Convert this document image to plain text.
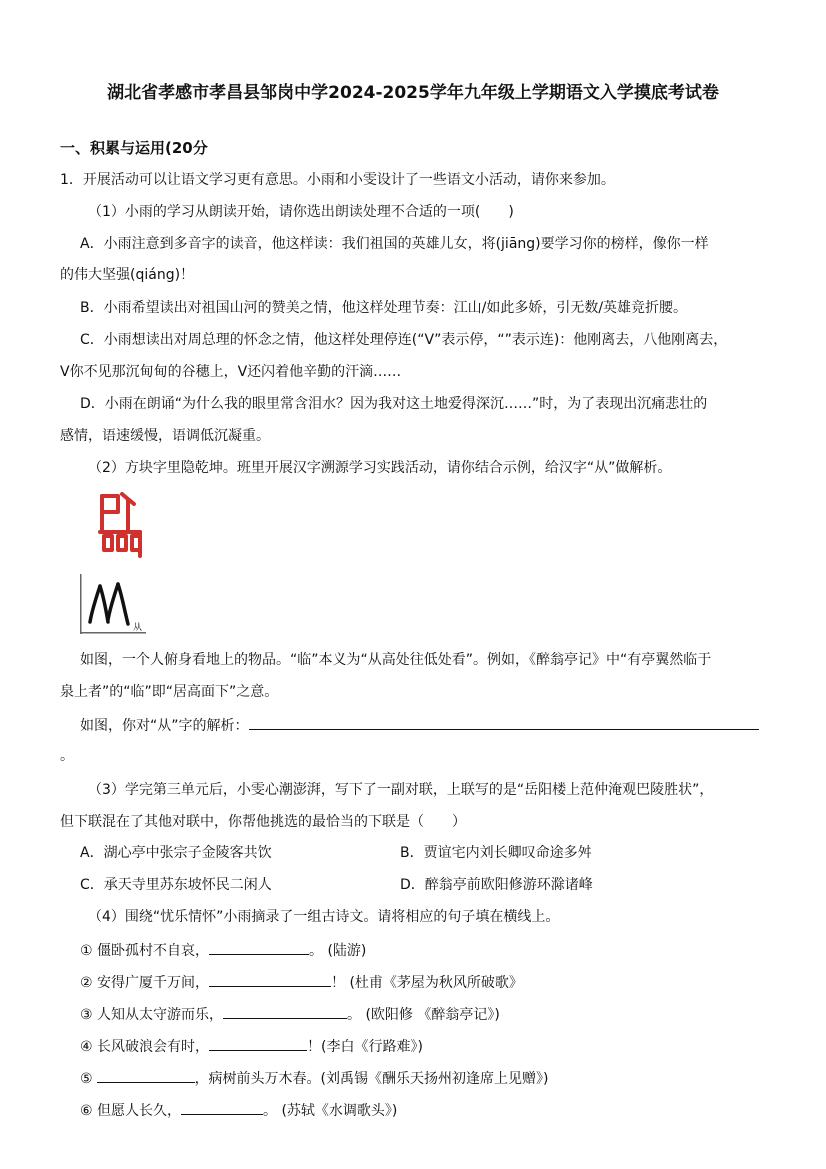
湖北省孝感市孝昌县邹岗中学2024-2025学年九年级上学期语文入学摸底考试卷
一、积累与运用(20分
1．开展活动可以让语文学习更有意思。小雨和小雯设计了一些语文小活动，请你来参加。
（1）小雨的学习从朗读开始，请你选出朗读处理不合适的一项(　　)
A．小雨注意到多音字的读音，他这样读：我们祖国的英雄儿女，将(jiāng)要学习你的榜样，像你一样
的伟大坚强(qiáng)！
B．小雨希望读出对祖国山河的赞美之情，他这样处理节奏：江山/如此多娇，引无数/英雄竞折腰。
C．小雨想读出对周总理的怀念之情，他这样处理停连(“V”表示停，“”表示连)：他刚离去，八他刚离去，
V你不见那沉甸甸的谷穗上，V还闪着他辛勤的汗滴……
D．小雨在朗诵“为什么我的眼里常含泪水？因为我对这土地爱得深沉……”时，为了表现出沉痛悲壮的
感情，语速缓慢，语调低沉凝重。
（2）方块字里隐乾坤。班里开展汉字溯源学习实践活动，请你结合示例，给汉字“从”做解析。
从
如图，一个人俯身看地上的物品。“临”本义为“从高处往低处看”。例如，《醉翁亭记》中“有亭翼然临于
泉上者”的“临”即“居高面下”之意。
如图，你对“从”字的解析：
。
（3）学完第三单元后，小雯心潮澎湃，写下了一副对联，上联写的是“岳阳楼上范仲淹观巴陵胜状”，
但下联混在了其他对联中，你帮他挑选的最恰当的下联是（　　）
A．湖心亭中张宗子金陵客共饮	B．贾谊宅内刘长卿叹命途多舛
C．承天寺里苏东坡怀民二闲人	D．醉翁亭前欧阳修游环滁诸峰
（4）围绕“忧乐情怀”小雨摘录了一组古诗文。请将相应的句子填在横线上。
① 僵卧孤村不自哀，	。 (陆游)
② 安得广厦千万间，	！ (杜甫《茅屋为秋风所破歌》
③ 人知从太守游而乐，	。 (欧阳修 《醉翁亭记》)
④ 长风破浪会有时，	！(李白《行路难》)
⑤	，病树前头万木春。(刘禹锡《酬乐天扬州初逢席上见赠》)
⑥ 但愿人长久，	。 (苏轼《水调歌头》)
